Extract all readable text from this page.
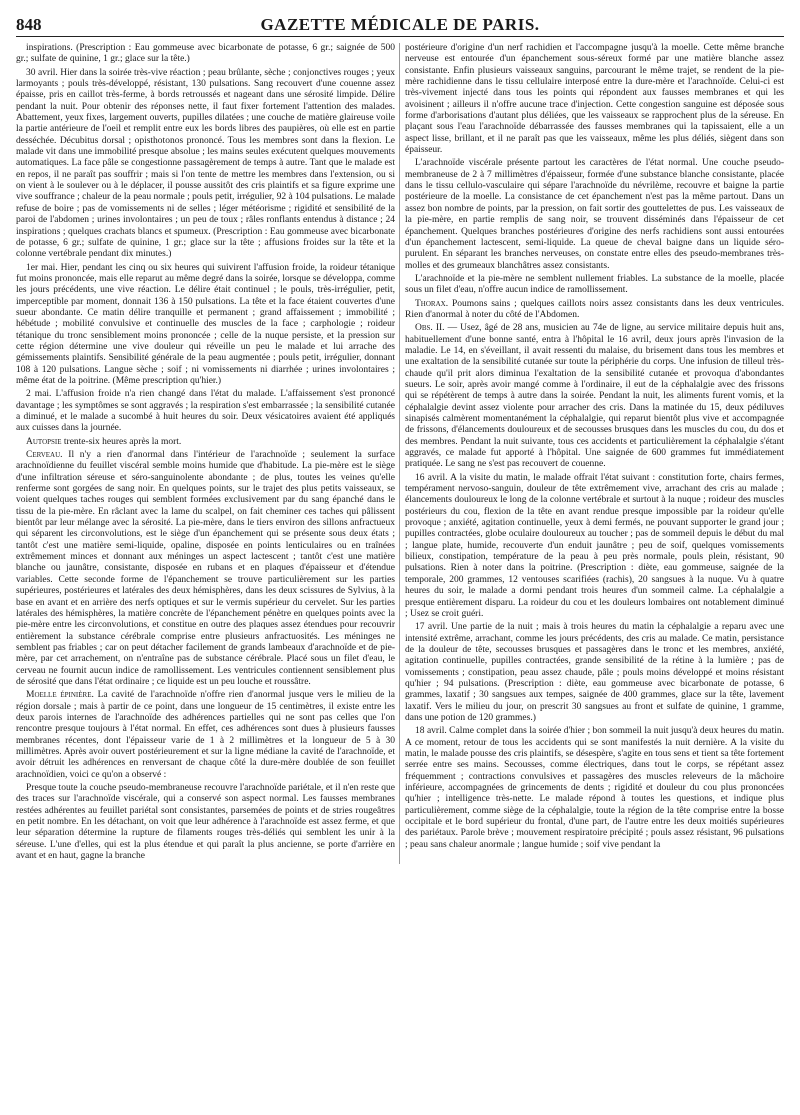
848	GAZETTE MÉDICALE DE PARIS.

inspirations. (Prescription : Eau gommeuse avec bicarbonate de potasse, 6 gr.; saignée de 500 gr.; sulfate de quinine, 1 gr.; glace sur la tête.)

30 avril. Hier dans la soirée très-vive réaction ; peau brûlante, sèche ; conjonctives rouges ; yeux larmoyants ; pouls très-développé, résistant, 130 pulsations. Sang recouvert d'une couenne assez épaisse, pris en caillot très-ferme, à bords retroussés et nageant dans une sérosité limpide. Délire pendant la nuit. Pour obtenir des réponses nette, il faut fixer fortement l'attention des malades. Abattement, yeux fixes, largement ouverts, pupilles dilatées ; une couche de matière glaireuse voile la partie antérieure de l'oeil et remplit entre eux les bords libres des paupières, où elle est en partie desséchée. Décubitus dorsal ; opisthotonos prononcé. Tous les membres sont dans la flexion. Le malade vit dans une immobilité presque absolue ; les mains seules exécutent quelques mouvements automatiques. La face pâle se congestionne passagèrement de temps à autre. Tant que le malade est en repos, il ne paraît pas souffrir ; mais si l'on tente de mettre les membres dans l'extension, ou si on vient à le soulever ou à le déplacer, il pousse aussitôt des cris plaintifs et sa figure exprime une vive souffrance ; chaleur de la peau normale ; pouls petit, irrégulier, 92 à 104 pulsations. Le malade refuse de boire ; pas de vomissements ni de selles ; léger météorisme ; rigidité et sensibilité de la paroi de l'abdomen ; urines involontaires ; un peu de toux ; râles ronflants entendus à distance ; 24 inspirations ; quelques crachats blancs et spumeux. (Prescription : Eau gommeuse avec bicarbonate de potasse, 6 gr.; sulfate de quinine, 1 gr.; glace sur la tête ; affusions froides sur la tête et la colonne vertébrale pendant dix minutes.)

1er mai. Hier, pendant les cinq ou six heures qui suivirent l'affusion froide, la roideur tétanique fut moins prononcée, mais elle reparut au même degré dans la soirée, lorsque se développa, comme les jours précédents, une vive réaction. Le délire était continuel ; le pouls, très-irrégulier, petit, imperceptible par moment, donnait 136 à 150 pulsations. La tête et la face étaient couvertes d'une sueur abondante. Ce matin délire tranquille et permanent ; grand affaissement ; immobilité ; hébétude ; mobilité convulsive et continuelle des muscles de la face ; carphologie ; roideur tétanique du tronc sensiblement moins prononcée ; celle de la nuque persiste, et la pression sur cette région détermine une vive douleur qui réveille un peu le malade et lui arrache des gémissements plaintifs. Sensibilité générale de la peau augmentée ; pouls petit, irrégulier, donnant 108 à 120 pulsations. Langue sèche ; soif ; ni vomissements ni diarrhée ; urines involontaires ; même état de la poitrine. (Même prescription qu'hier.)

2 mai. L'affusion froide n'a rien changé dans l'état du malade. L'affaissement s'est prononcé davantage ; les symptômes se sont aggravés ; la respiration s'est embarrassée ; la sensibilité cutanée a diminué, et le malade a sucombé à huit heures du soir. Deux vésicatoires avaient été appliqués aux cuisses dans la journée.

Autopsie trente-six heures après la mort.

Cerveau. Il n'y a rien d'anormal dans l'intérieur de l'arachnoïde ; seulement la surface arachnoïdienne du feuillet viscéral semble moins humide que d'habitude. La pie-mère est le siège d'une infiltration séreuse et séro-sanguinolente abondante ; de plus, toutes les veines qu'elle renferme sont gorgées de sang noir. En quelques points, sur le trajet des plus petits vaisseaux, se voient quelques taches rouges qui semblent formées exclusivement par du sang épanché dans le tissu de la pie-mère. En râclant avec la lame du scalpel, on fait cheminer ces taches qui pâlissent bientôt par leur mélange avec la sérosité. La pie-mère, dans le tiers environ des sillons anfractueux qui séparent les circonvolutions, est le siège d'un épanchement qui se présente sous deux états ; tantôt c'est une matière semi-liquide, opaline, disposée en points lenticulaires ou en traînées extrêmement minces et donnant aux méninges un aspect lactescent ; tantôt c'est une matière blanche ou jaunâtre, consistante, disposée en rubans et en plaques d'épaisseur et d'étendue variables. Cette seconde forme de l'épanchement se trouve particulièrement sur les parties supérieures, postérieures et latérales des deux hémisphères, dans les deux scissures de Sylvius, à la base en avant et en arrière des nerfs optiques et sur le vermis supérieur du cervelet. Sur les parties latérales des hémisphères, la matière concrète de l'épanchement pénètre en quelques points avec la pie-mère entre les circonvolutions, et constitue en outre des plaques assez étendues pour recouvrir entièrement la substance cérébrale comprise entre plusieurs anfractuosités. Les méninges ne semblent pas friables ; car on peut détacher facilement de grands lambeaux d'arachnoïde et de pie-mère, par cet arrachement, on n'entraîne pas de substance cérébrale. Placé sous un filet d'eau, le cerveau ne fournit aucun indice de ramollissement. Les ventricules contiennent sensiblement plus de sérosité que dans l'état ordinaire ; ce liquide est un peu louche et roussâtre.

Moelle épinière. La cavité de l'arachnoïde n'offre rien d'anormal jusque vers le milieu de la région dorsale ; mais à partir de ce point, dans une longueur de 15 centimètres, il existe entre les deux parois internes de l'arachnoïde des adhérences partielles qui ne sont pas celles que l'on rencontre presque toujours à l'état normal. En effet, ces adhérences sont dues à plusieurs fausses membranes récentes, dont l'épaisseur varie de 1 à 2 millimètres et la longueur de 5 à 30 millimètres. Après avoir ouvert postérieurement et sur la ligne médiane la cavité de l'arachnoïde, et avoir détruit les adhérences en renversant de chaque côté la dure-mère doublée de son feuillet arachnoïdien, voici ce qu'on a observé :

Presque toute la couche pseudo-membraneuse recouvre l'arachnoïde pariétale, et il n'en reste que des traces sur l'arachnoïde viscérale, qui a conservé son aspect normal. Les fausses membranes restées adhérentes au feuillet pariétal sont consistantes, parsemées de points et de stries rougeâtres en petit nombre. En les détachant, on voit que leur adhérence à l'arachnoïde est assez ferme, et que leur séparation détermine la rupture de filaments rouges très-déliés qui semblent les unir à la séreuse. L'une d'elles, qui est la plus étendue et qui paraît la plus ancienne, se porte d'arrière en avant et en haut, gagne la branche

postérieure d'origine d'un nerf rachidien et l'accompagne jusqu'à la moelle. Cette même branche nerveuse est entourée d'un épanchement sous-séreux formé par une matière blanche assez consistante. Enfin plusieurs vaisseaux sanguins, parcourant le même trajet, se rendent de la pie-mère rachidienne dans le tissu cellulaire interposé entre la dure-mère et l'arachnoïde. Celui-ci est très-vivement injecté dans tous les points qui répondent aux fausses membranes et qui les avoisinent ; ailleurs il n'offre aucune trace d'injection. Cette congestion sanguine est déposée sous forme d'arborisations d'autant plus déliées, que les vaisseaux se rapprochent plus de la séreuse. En plaçant sous l'eau l'arachnoïde débarrassée des fausses membranes qui la tapissaient, elle a un aspect lisse, brillant, et il ne paraît pas que les vaisseaux, même les plus déliés, siègent dans son épaisseur.

L'arachnoïde viscérale présente partout les caractères de l'état normal. Une couche pseudo-membraneuse de 2 à 7 millimètres d'épaisseur, formée d'une substance blanche consistante, placée dans le tissu cellulo-vasculaire qui sépare l'arachnoïde du névrilème, recouvre et baigne la partie postérieure de la moelle. La consistance de cet épanchement n'est pas la même partout. Dans un assez bon nombre de points, par la pression, on fait sortir des gouttelettes de pus. Les vaisseaux de la pie-mère, en partie remplis de sang noir, se trouvent disséminés dans l'épaisseur de cet épanchement. Quelques branches postérieures d'origine des nerfs rachidiens sont aussi entourées d'un épanchement lactescent, semi-liquide. La queue de cheval baigne dans un liquide séro-purulent. En séparant les branches nerveuses, on constate entre elles des pseudo-membranes très-molles et des grumeaux blanchâtres assez consistants.

L'arachnoïde et la pie-mère ne semblent nullement friables. La substance de la moelle, placée sous un filet d'eau, n'offre aucun indice de ramollissement.

Thorax. Poumons sains ; quelques caillots noirs assez consistants dans les deux ventricules. Rien d'anormal à noter du côté de l'Abdomen.

Obs. II. — Usez, âgé de 28 ans, musicien au 74e de ligne, au service militaire depuis huit ans, habituellement d'une bonne santé, entra à l'hôpital le 16 avril, deux jours après l'invasion de la maladie. Le 14, en s'éveillant, il avait ressenti du malaise, du brisement dans tous les membres et une exaltation de la sensibilité cutanée sur toute la périphérie du corps. Une infusion de tilleul très-chaude qu'il prit alors diminua l'exaltation de la sensibilité cutanée et provoqua d'abondantes sueurs. Le soir, après avoir mangé comme à l'ordinaire, il eut de la céphalalgie avec des frissons qui se répétèrent de temps à autre dans la soirée. Pendant la nuit, les aliments furent vomis, et la céphalalgie devint assez violente pour arracher des cris. Dans la matinée du 15, deux pédiluves sinapisés calmèrent momentanément la céphalalgie, qui reparut bientôt plus vive et accompagnée de frissons, d'élancements douloureux et de secousses brusques dans les muscles du cou, du dos et des membres. Pendant la nuit suivante, tous ces accidents et particulièrement la céphalalgie s'étant aggravés, ce malade fut apporté à l'hôpital. Une saignée de 600 grammes fut immédiatement pratiquée. Le sang ne s'est pas recouvert de couenne.

16 avril. A la visite du matin, le malade offrait l'état suivant : constitution forte, chairs fermes, tempérament nervoso-sanguin, douleur de tête extrêmement vive, arrachant des cris au malade ; élancements douloureux le long de la colonne vertébrale et surtout à la nuque ; roideur des muscles postérieurs du cou, flexion de la tête en avant rendue presque impossible par la roideur qu'elle provoque ; anxiété, agitation continuelle, yeux à demi fermés, ne pouvant supporter le grand jour ; pupilles contractées, globe oculaire douloureux au toucher ; pas de sommeil depuis le début du mal ; langue plate, humide, recouverte d'un enduit jaunâtre ; peu de soif, quelques vomissements bilieux, constipation, température de la peau à peu près normale, pouls plein, résistant, 90 pulsations. Rien à noter dans la poitrine. (Prescription : diète, eau gommeuse, saignée de la temporale, 200 grammes, 12 ventouses scarifiées (rachis), 20 sangsues à la nuque. Vu à quatre heures du soir, le malade a dormi pendant trois heures d'un sommeil calme. La céphalalgie a presque entièrement disparu. La roideur du cou et les douleurs lombaires ont notablement diminué ; Usez se croit guéri.

17 avril. Une partie de la nuit ; mais à trois heures du matin la céphalalgie a reparu avec une intensité extrême, arrachant, comme les jours précédents, des cris au malade. Ce matin, persistance de la douleur de tête, secousses brusques et passagères dans le tronc et les membres, anxiété, agitation continuelle, pupilles contractées, grande sensibilité de la rétine à la lumière ; pas de vomissements ; constipation, peau assez chaude, pâle ; pouls moins développé et moins résistant qu'hier ; 94 pulsations. (Prescription : diète, eau gommeuse avec bicarbonate de potasse, 6 grammes, laxatif ; 30 sangsues aux tempes, saignée de 400 grammes, glace sur la tête, lavement laxatif. Vers le milieu du jour, on prescrit 30 sangsues au front et sulfate de quinine, 1 gramme, dans une potion de 120 grammes.)

18 avril. Calme complet dans la soirée d'hier ; bon sommeil la nuit jusqu'à deux heures du matin. A ce moment, retour de tous les accidents qui se sont manifestés la nuit dernière. A la visite du matin, le malade pousse des cris plaintifs, se désespère, s'agite en tous sens et tient sa tête fortement serrée entre ses mains. Secousses, comme électriques, dans tout le corps, se répétant assez fréquemment ; contractions convulsives et passagères des muscles releveurs de la mâchoire inférieure, accompagnées de grincements de dents ; rigidité et douleur du cou plus prononcées qu'hier ; intelligence très-nette. Le malade répond à toutes les questions, et indique plus particulièrement, comme siège de la céphalalgie, toute la région de la tête comprise entre la bosse occipitale et le bord supérieur du frontal, d'une part, de l'autre entre les deux moitiés supérieures des pariétaux. Parole brève ; mouvement respiratoire précipité ; pouls assez résistant, 96 pulsations ; peau sans chaleur anormale ; langue humide ; soif vive pendant la
